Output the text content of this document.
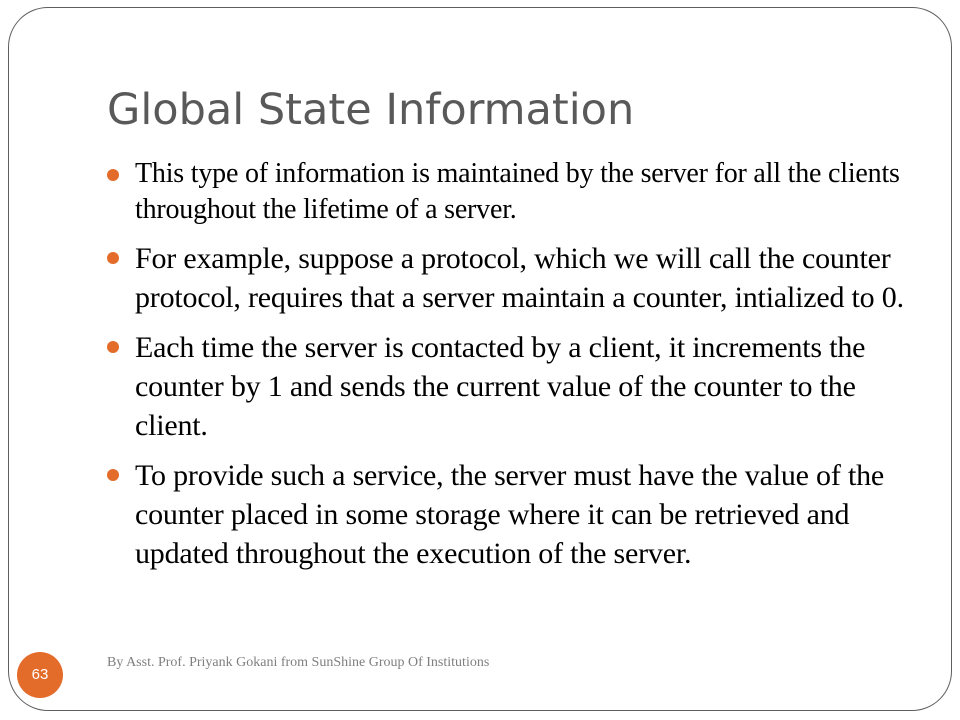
Global State Information
This type of information is maintained by the server for all the clients throughout the lifetime of a server.
For example, suppose a protocol, which we will call the counter protocol, requires that a server maintain a counter, intialized to 0.
Each time the server is contacted by a client, it increments the counter by 1 and sends the current value of the counter to the client.
To provide such a service, the server must have the value of the counter placed in some storage where it can be retrieved and updated throughout the execution of the server.
63
By Asst. Prof. Priyank Gokani from SunShine Group Of Institutions
